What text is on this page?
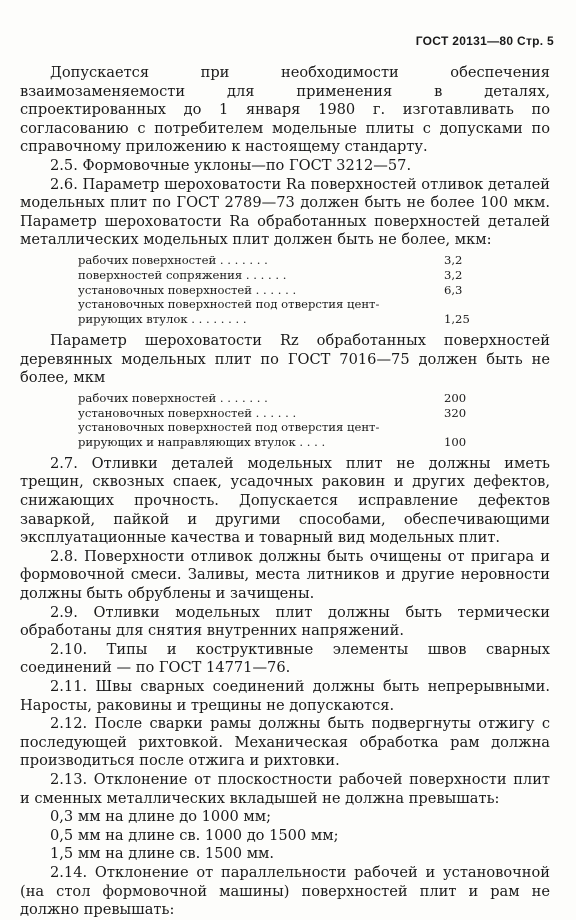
ГОСТ 20131—80 Стр. 5

Допускается при необходимости обеспечения взаимозаменяемости для применения в деталях, спроектированных до 1 января 1980 г. изготавливать по согласованию с потребителем модельные плиты с допусками по справочному приложению к настоящему стандарту.

2.5. Формовочные уклоны—по ГОСТ 3212—57.

2.6. Параметр шероховатости Ra поверхностей отливок деталей модельных плит по ГОСТ 2789—73 должен быть не более 100 мкм. Параметр шероховатости Ra обработанных поверхностей деталей металлических модельных плит должен быть не более, мкм:

рабочих поверхностей . . . . . . .	3,2
поверхностей сопряжения . . . . . .	3,2
установочных поверхностей . . . . . .	6,3
установочных поверхностей под отверстия цент-
рирующих втулок . . . . . . . .	1,25

Параметр шероховатости Rz обработанных поверхностей деревянных модельных плит по ГОСТ 7016—75 должен быть не более, мкм

рабочих поверхностей . . . . . . .	200
установочных поверхностей . . . . . .	320
установочных поверхностей под отверстия цент-
рирующих и направляющих втулок . . . .	100

2.7. Отливки деталей модельных плит не должны иметь трещин, сквозных спаек, усадочных раковин и других дефектов, снижающих прочность. Допускается исправление дефектов заваркой, пайкой и другими способами, обеспечивающими эксплуатационные качества и товарный вид модельных плит.

2.8. Поверхности отливок должны быть очищены от пригара и формовочной смеси. Заливы, места литников и другие неровности должны быть обрублены и зачищены.

2.9. Отливки модельных плит должны быть термически обработаны для снятия внутренних напряжений.

2.10. Типы и коструктивные элементы швов сварных соединений — по ГОСТ 14771—76.

2.11. Швы сварных соединений должны быть непрерывными. Наросты, раковины и трещины не допускаются.

2.12. После сварки рамы должны быть подвергнуты отжигу с последующей рихтовкой. Механическая обработка рам должна производиться после отжига и рихтовки.

2.13. Отклонение от плоскостности рабочей поверхности плит и сменных металлических вкладышей не должна превышать:

0,3 мм на длине до 1000 мм;

0,5 мм на длине св. 1000 до 1500 мм;

1,5 мм на длине св. 1500 мм.

2.14. Отклонение от параллельности рабочей и установочной (на стол формовочной машины) поверхностей плит и рам не должно превышать:
